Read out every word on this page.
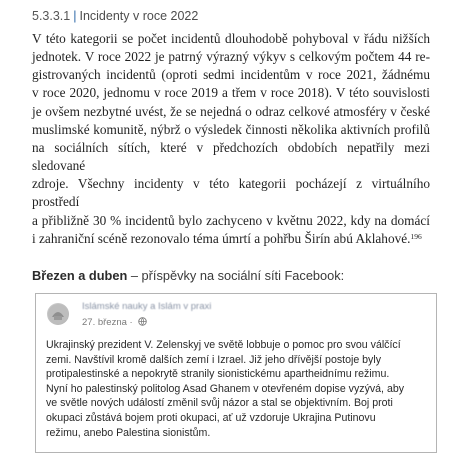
5.3.3.1 | Incidenty v roce 2022

V této kategorii se počet incidentů dlouhodobě pohyboval v řádu nižších
jednotek. V roce 2022 je patrný výrazný výkyv s celkovým počtem 44 re-
gistrovaných incidentů (oproti sedmi incidentům v roce 2021, žádnému
v roce 2020, jednomu v roce 2019 a třem v roce 2018). V této souvislosti
je ovšem nezbytné uvést, že se nejedná o odraz celkové atmosféry v české
muslimské komunitě, nýbrž o výsledek činnosti několika aktivních profilů
na sociálních sítích, které v předchozích obdobích nepatřily mezi sledované
zdroje. Všechny incidenty v této kategorii pocházejí z virtuálního prostředí
a přibližně 30 % incidentů bylo zachyceno v květnu 2022, kdy na domácí
i zahraniční scéně rezonovalo téma úmrtí a pohřbu Širín abú Aklahové.$^{196}$

Březen a duben – příspěvky na sociální síti Facebook:
Islámské nauky a Islám v praxi
27. března ·

Ukrajinský prezident V. Zelenskyj ve světě lobbuje o pomoc pro svou válčící
zemi. Navštívil kromě dalších zemí i Izrael. Již jeho dřívější postoje byly
protipalestinské a nepokrytě stranily sionistickému apartheidnímu režimu.
Nyní ho palestinský politolog Asad Ghanem v otevřeném dopise vyzývá, aby
ve světle nových událostí změnil svůj názor a stal se objektivním. Boj proti
okupaci zůstává bojem proti okupaci, ať už vzdoruje Ukrajina Putinovu
režimu, anebo Palestina sionistům.
